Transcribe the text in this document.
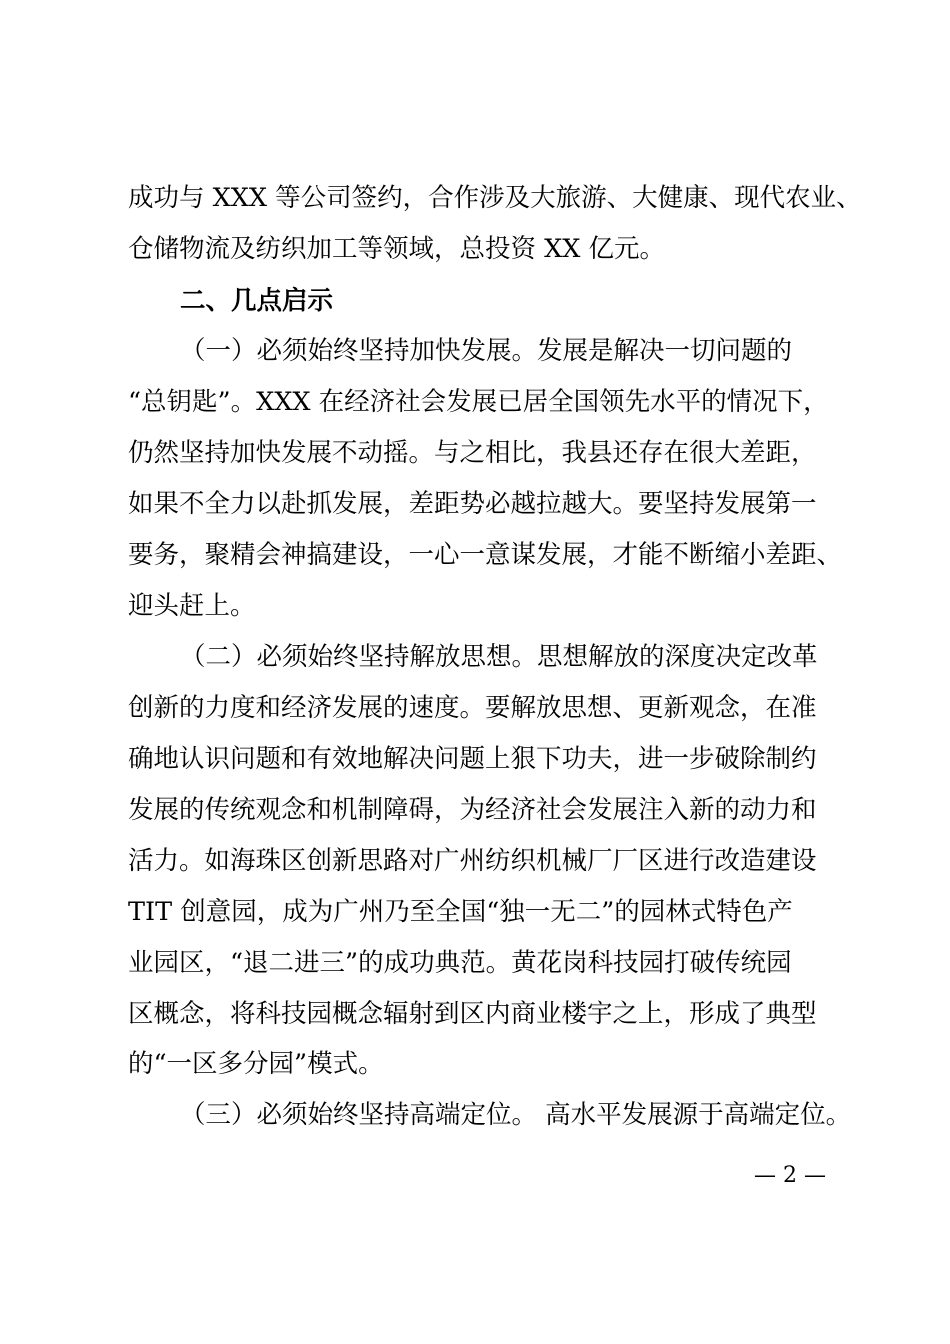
成功与 XXX 等公司签约，合作涉及大旅游、大健康、现代农业、
仓储物流及纺织加工等领域，总投资 XX 亿元。
二、几点启示
（一）必须始终坚持加快发展。发展是解决一切问题的
“总钥匙”。XXX 在经济社会发展已居全国领先水平的情况下，
仍然坚持加快发展不动摇。与之相比，我县还存在很大差距，
如果不全力以赴抓发展，差距势必越拉越大。要坚持发展第一
要务，聚精会神搞建设，一心一意谋发展，才能不断缩小差距、
迎头赶上。
（二）必须始终坚持解放思想。思想解放的深度决定改革
创新的力度和经济发展的速度。要解放思想、更新观念，在准
确地认识问题和有效地解决问题上狠下功夫，进一步破除制约
发展的传统观念和机制障碍，为经济社会发展注入新的动力和
活力。如海珠区创新思路对广州纺织机械厂厂区进行改造建设
TIT 创意园，成为广州乃至全国“独一无二”的园林式特色产
业园区，“退二进三”的成功典范。黄花岗科技园打破传统园
区概念，将科技园概念辐射到区内商业楼宇之上，形成了典型
的“一区多分园”模式。
（三）必须始终坚持高端定位。 高水平发展源于高端定位。
— 2 —
